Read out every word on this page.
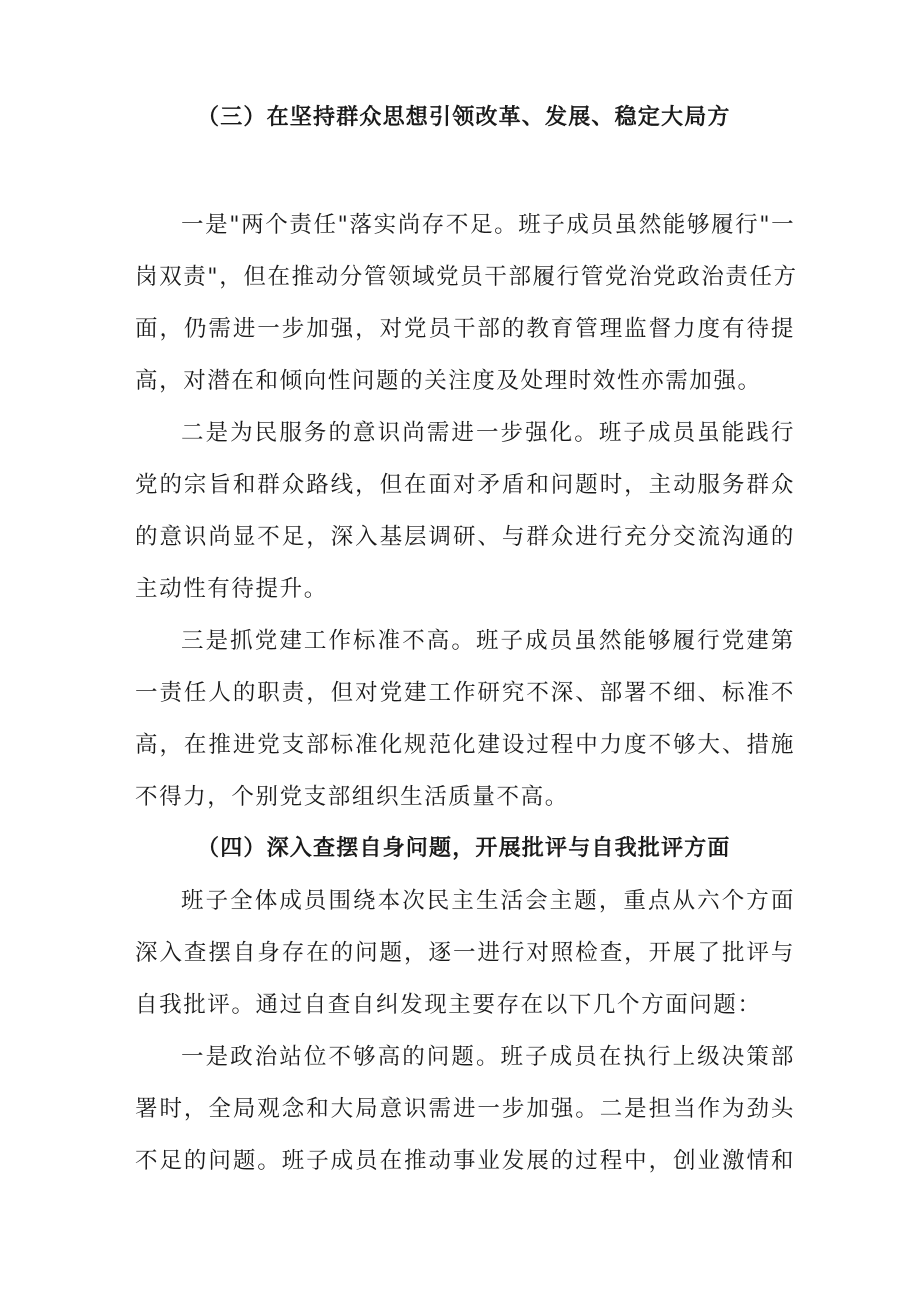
（三）在坚持群众思想引领改革、发展、稳定大局方
一是"两个责任"落实尚存不足。班子成员虽然能够履行"一
岗双责"，但在推动分管领域党员干部履行管党治党政治责任方
面，仍需进一步加强，对党员干部的教育管理监督力度有待提
高，对潜在和倾向性问题的关注度及处理时效性亦需加强。
二是为民服务的意识尚需进一步强化。班子成员虽能践行
党的宗旨和群众路线，但在面对矛盾和问题时，主动服务群众
的意识尚显不足，深入基层调研、与群众进行充分交流沟通的
主动性有待提升。
三是抓党建工作标准不高。班子成员虽然能够履行党建第
一责任人的职责，但对党建工作研究不深、部署不细、标准不
高，在推进党支部标准化规范化建设过程中力度不够大、措施
不得力，个别党支部组织生活质量不高。
（四）深入查摆自身问题，开展批评与自我批评方面
班子全体成员围绕本次民主生活会主题，重点从六个方面
深入查摆自身存在的问题，逐一进行对照检查，开展了批评与
自我批评。通过自查自纠发现主要存在以下几个方面问题：
一是政治站位不够高的问题。班子成员在执行上级决策部
署时，全局观念和大局意识需进一步加强。二是担当作为劲头
不足的问题。班子成员在推动事业发展的过程中，创业激情和
